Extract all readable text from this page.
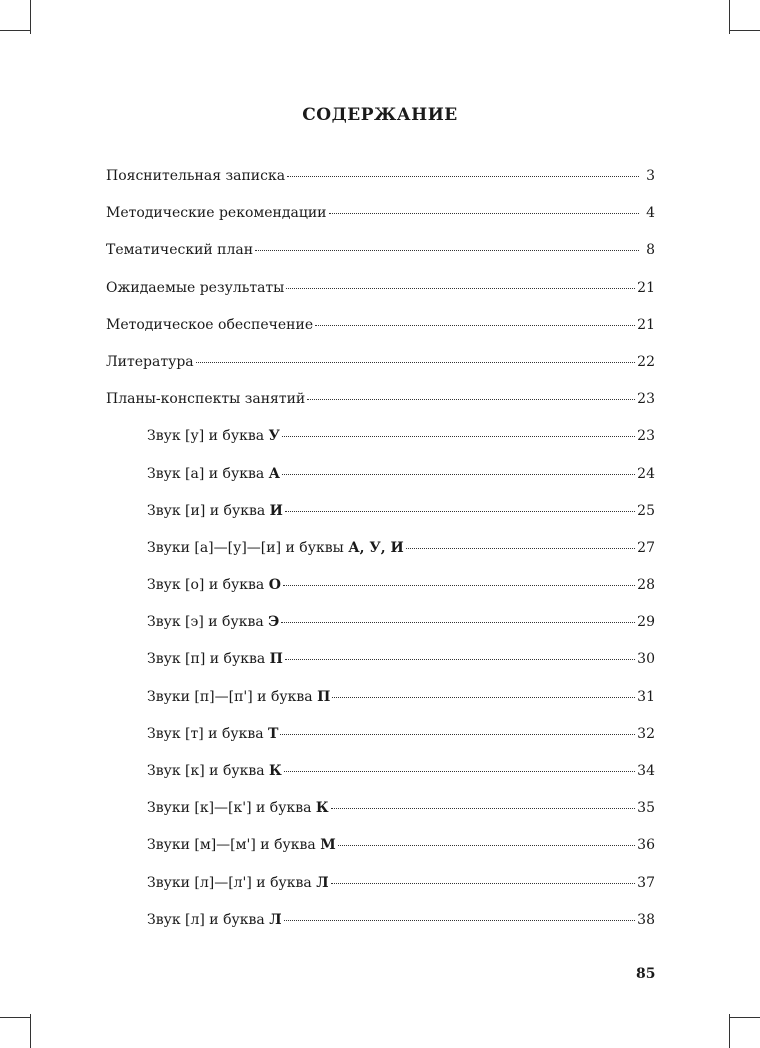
СОДЕРЖАНИЕ
Пояснительная записка	3
Методические рекомендации	4
Тематический план	8
Ожидаемые результаты	21
Методическое обеспечение	21
Литература	22
Планы-конспекты занятий	23
Звук [у] и буква У	23
Звук [а] и буква А	24
Звук [и] и буква И	25
Звуки [а]—[у]—[и] и буквы А, У, И	27
Звук [о] и буква О	28
Звук [э] и буква Э	29
Звук [п] и буква П	30
Звуки [п]—[п'] и буква П	31
Звук [т] и буква Т	32
Звук [к] и буква К	34
Звуки [к]—[к'] и буква К	35
Звуки [м]—[м'] и буква М	36
Звуки [л]—[л'] и буква Л	37
Звук [л] и буква Л	38
85
